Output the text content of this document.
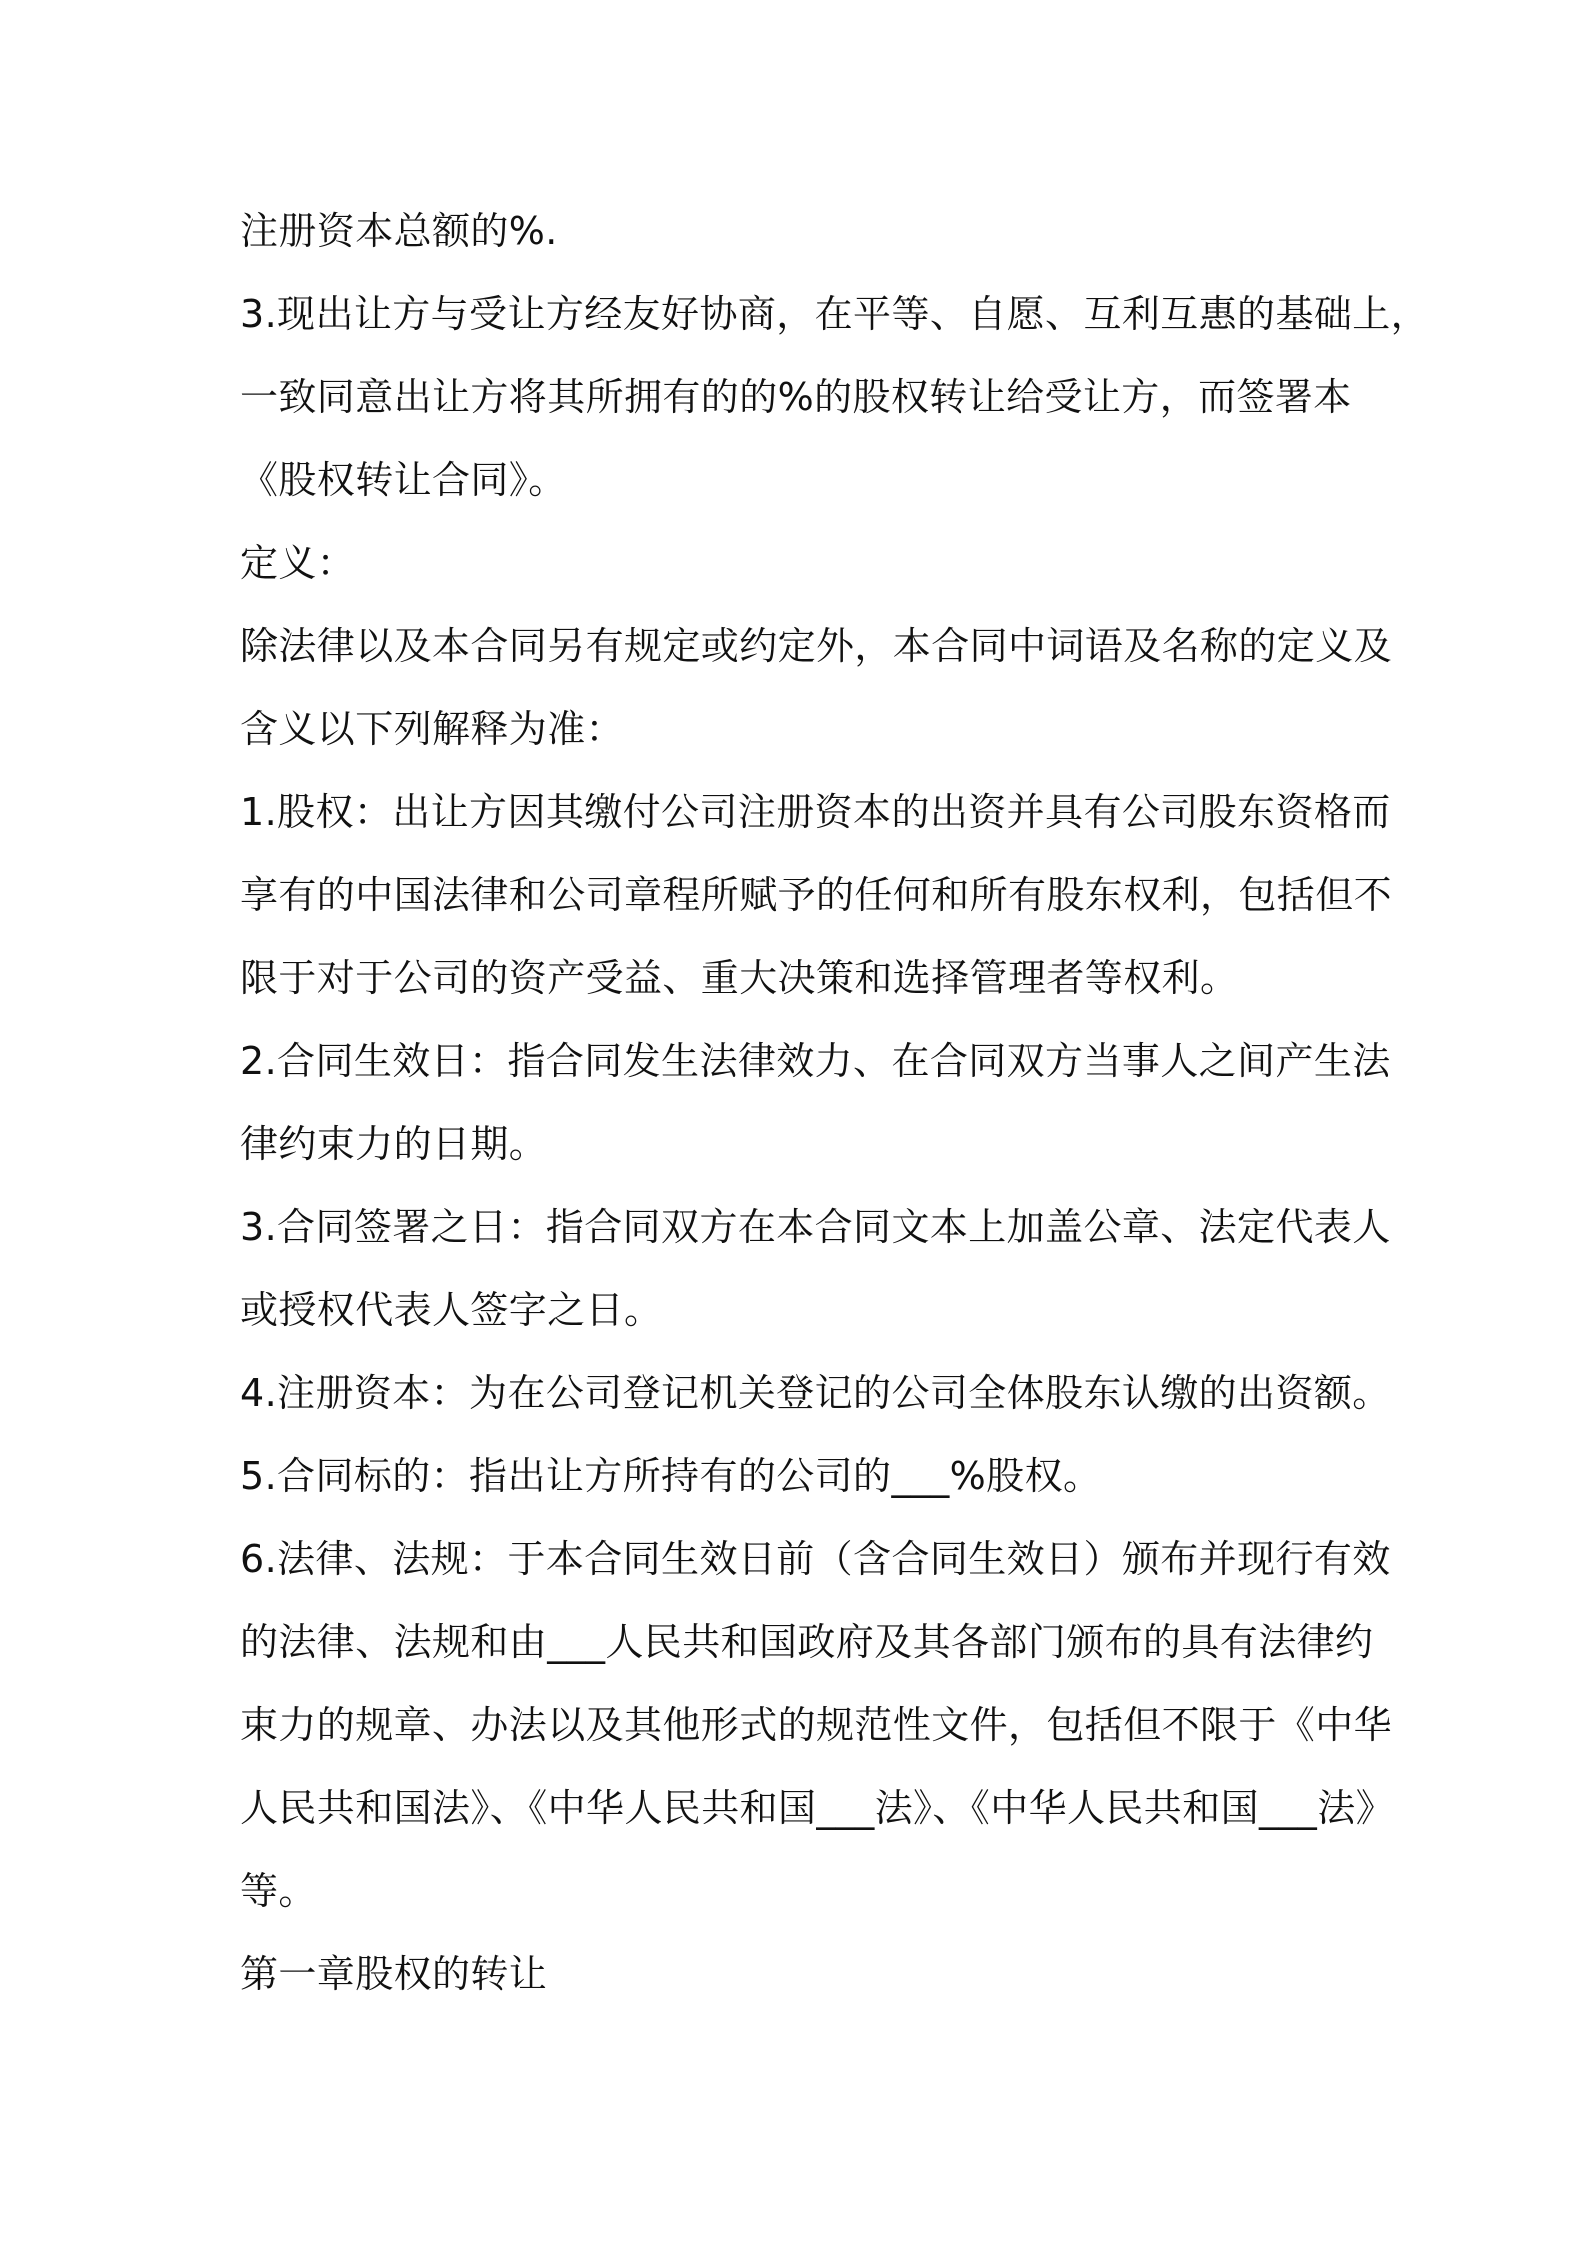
注册资本总额的%.
3.现出让方与受让方经友好协商，在平等、自愿、互利互惠的基础上，
一致同意出让方将其所拥有的的%的股权转让给受让方，而签署本
《股权转让合同》。
定义：
除法律以及本合同另有规定或约定外，本合同中词语及名称的定义及
含义以下列解释为准：
1.股权：出让方因其缴付公司注册资本的出资并具有公司股东资格而
享有的中国法律和公司章程所赋予的任何和所有股东权利，包括但不
限于对于公司的资产受益、重大决策和选择管理者等权利。
2.合同生效日：指合同发生法律效力、在合同双方当事人之间产生法
律约束力的日期。
3.合同签署之日：指合同双方在本合同文本上加盖公章、法定代表人
或授权代表人签字之日。
4.注册资本：为在公司登记机关登记的公司全体股东认缴的出资额。
5.合同标的：指出让方所持有的公司的___%股权。
6.法律、法规：于本合同生效日前（含合同生效日）颁布并现行有效
的法律、法规和由___人民共和国政府及其各部门颁布的具有法律约
束力的规章、办法以及其他形式的规范性文件，包括但不限于《中华
人民共和国法》、《中华人民共和国___法》、《中华人民共和国___法》
等。
第一章股权的转让
